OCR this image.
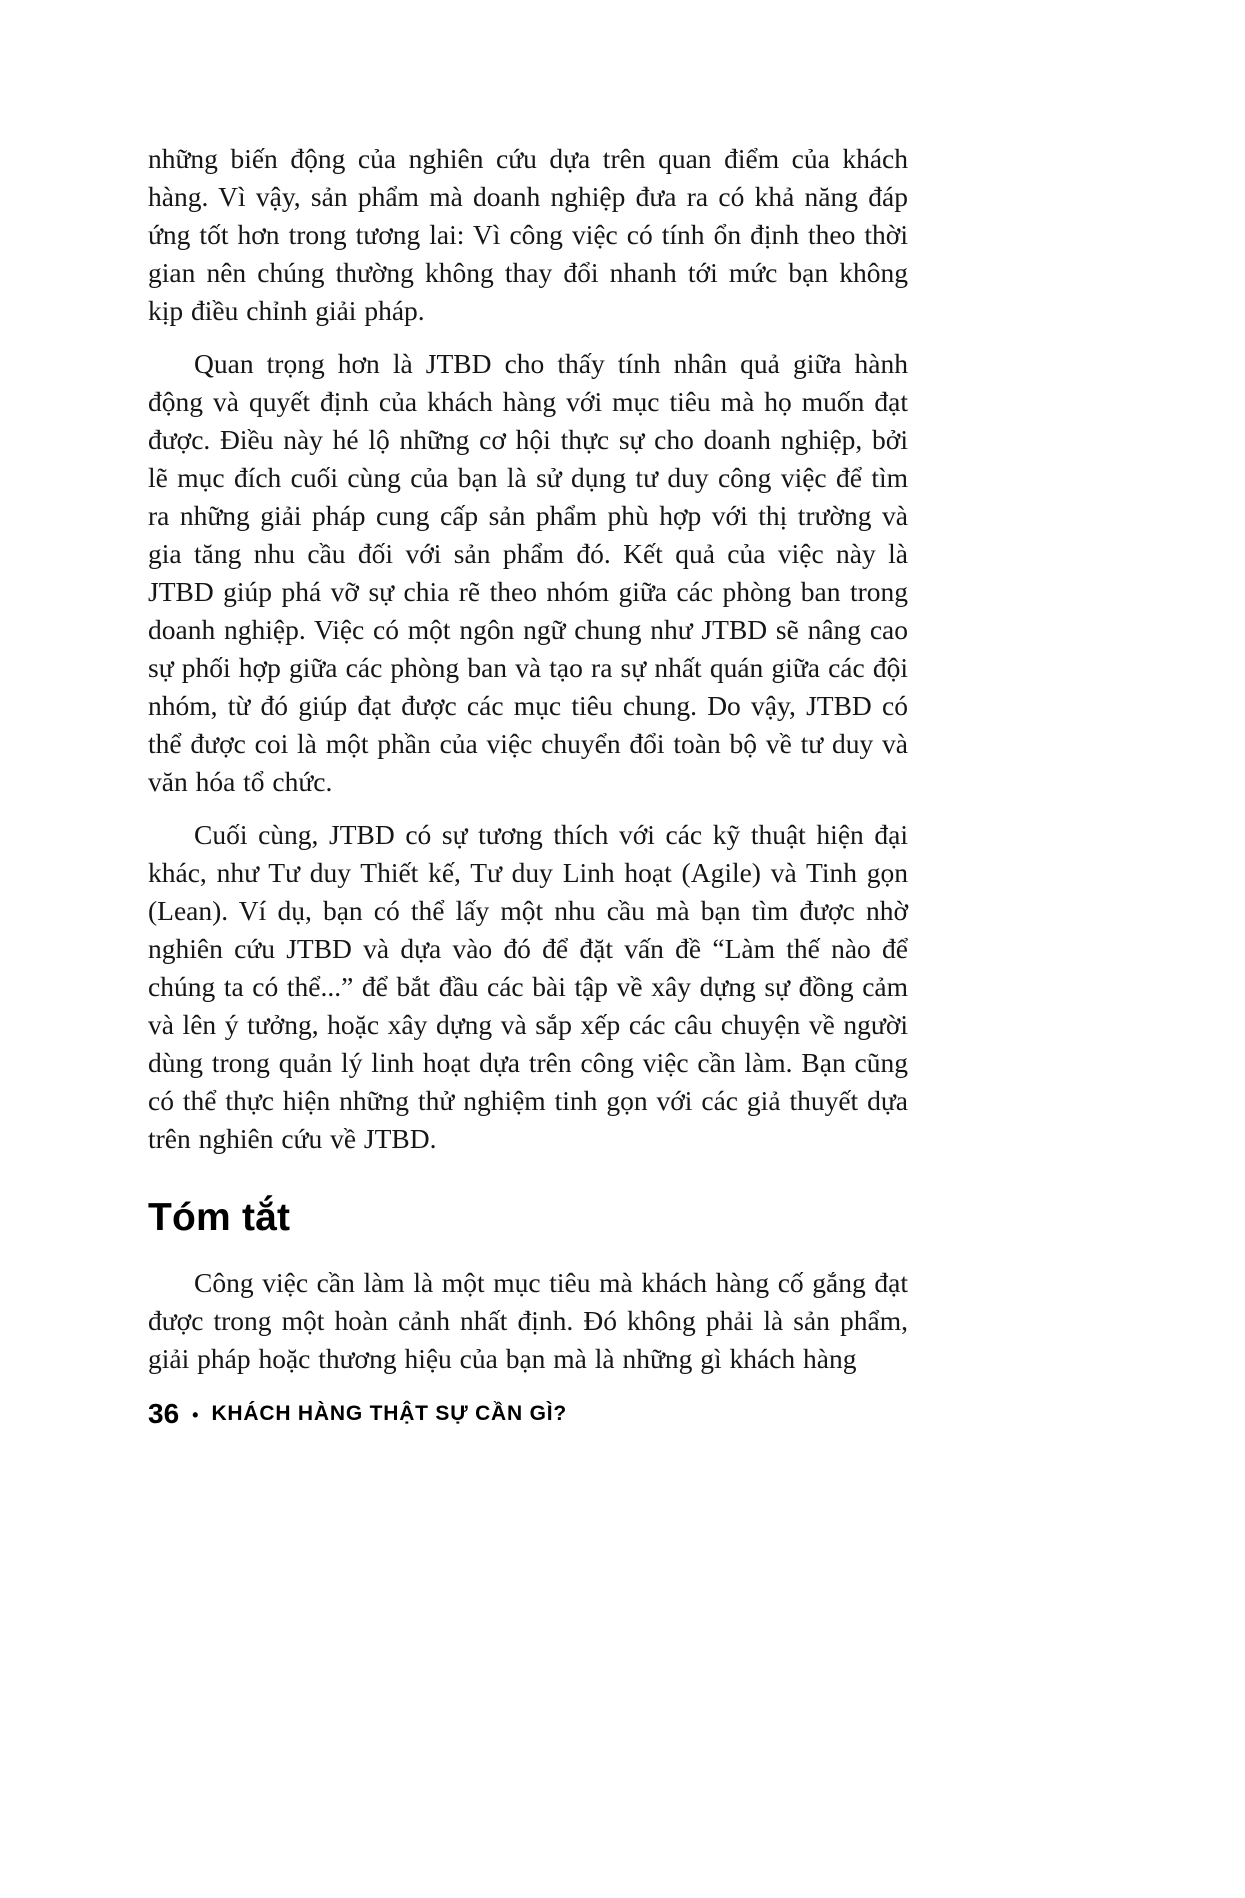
những biến động của nghiên cứu dựa trên quan điểm của khách hàng. Vì vậy, sản phẩm mà doanh nghiệp đưa ra có khả năng đáp ứng tốt hơn trong tương lai: Vì công việc có tính ổn định theo thời gian nên chúng thường không thay đổi nhanh tới mức bạn không kịp điều chỉnh giải pháp.

Quan trọng hơn là JTBD cho thấy tính nhân quả giữa hành động và quyết định của khách hàng với mục tiêu mà họ muốn đạt được. Điều này hé lộ những cơ hội thực sự cho doanh nghiệp, bởi lẽ mục đích cuối cùng của bạn là sử dụng tư duy công việc để tìm ra những giải pháp cung cấp sản phẩm phù hợp với thị trường và gia tăng nhu cầu đối với sản phẩm đó. Kết quả của việc này là JTBD giúp phá vỡ sự chia rẽ theo nhóm giữa các phòng ban trong doanh nghiệp. Việc có một ngôn ngữ chung như JTBD sẽ nâng cao sự phối hợp giữa các phòng ban và tạo ra sự nhất quán giữa các đội nhóm, từ đó giúp đạt được các mục tiêu chung. Do vậy, JTBD có thể được coi là một phần của việc chuyển đổi toàn bộ về tư duy và văn hóa tổ chức.

Cuối cùng, JTBD có sự tương thích với các kỹ thuật hiện đại khác, như Tư duy Thiết kế, Tư duy Linh hoạt (Agile) và Tinh gọn (Lean). Ví dụ, bạn có thể lấy một nhu cầu mà bạn tìm được nhờ nghiên cứu JTBD và dựa vào đó để đặt vấn đề “Làm thế nào để chúng ta có thể...” để bắt đầu các bài tập về xây dựng sự đồng cảm và lên ý tưởng, hoặc xây dựng và sắp xếp các câu chuyện về người dùng trong quản lý linh hoạt dựa trên công việc cần làm. Bạn cũng có thể thực hiện những thử nghiệm tinh gọn với các giả thuyết dựa trên nghiên cứu về JTBD.

Tóm tắt

Công việc cần làm là một mục tiêu mà khách hàng cố gắng đạt được trong một hoàn cảnh nhất định. Đó không phải là sản phẩm, giải pháp hoặc thương hiệu của bạn mà là những gì khách hàng

36 • KHÁCH HÀNG THẬT SỰ CẦN GÌ?
